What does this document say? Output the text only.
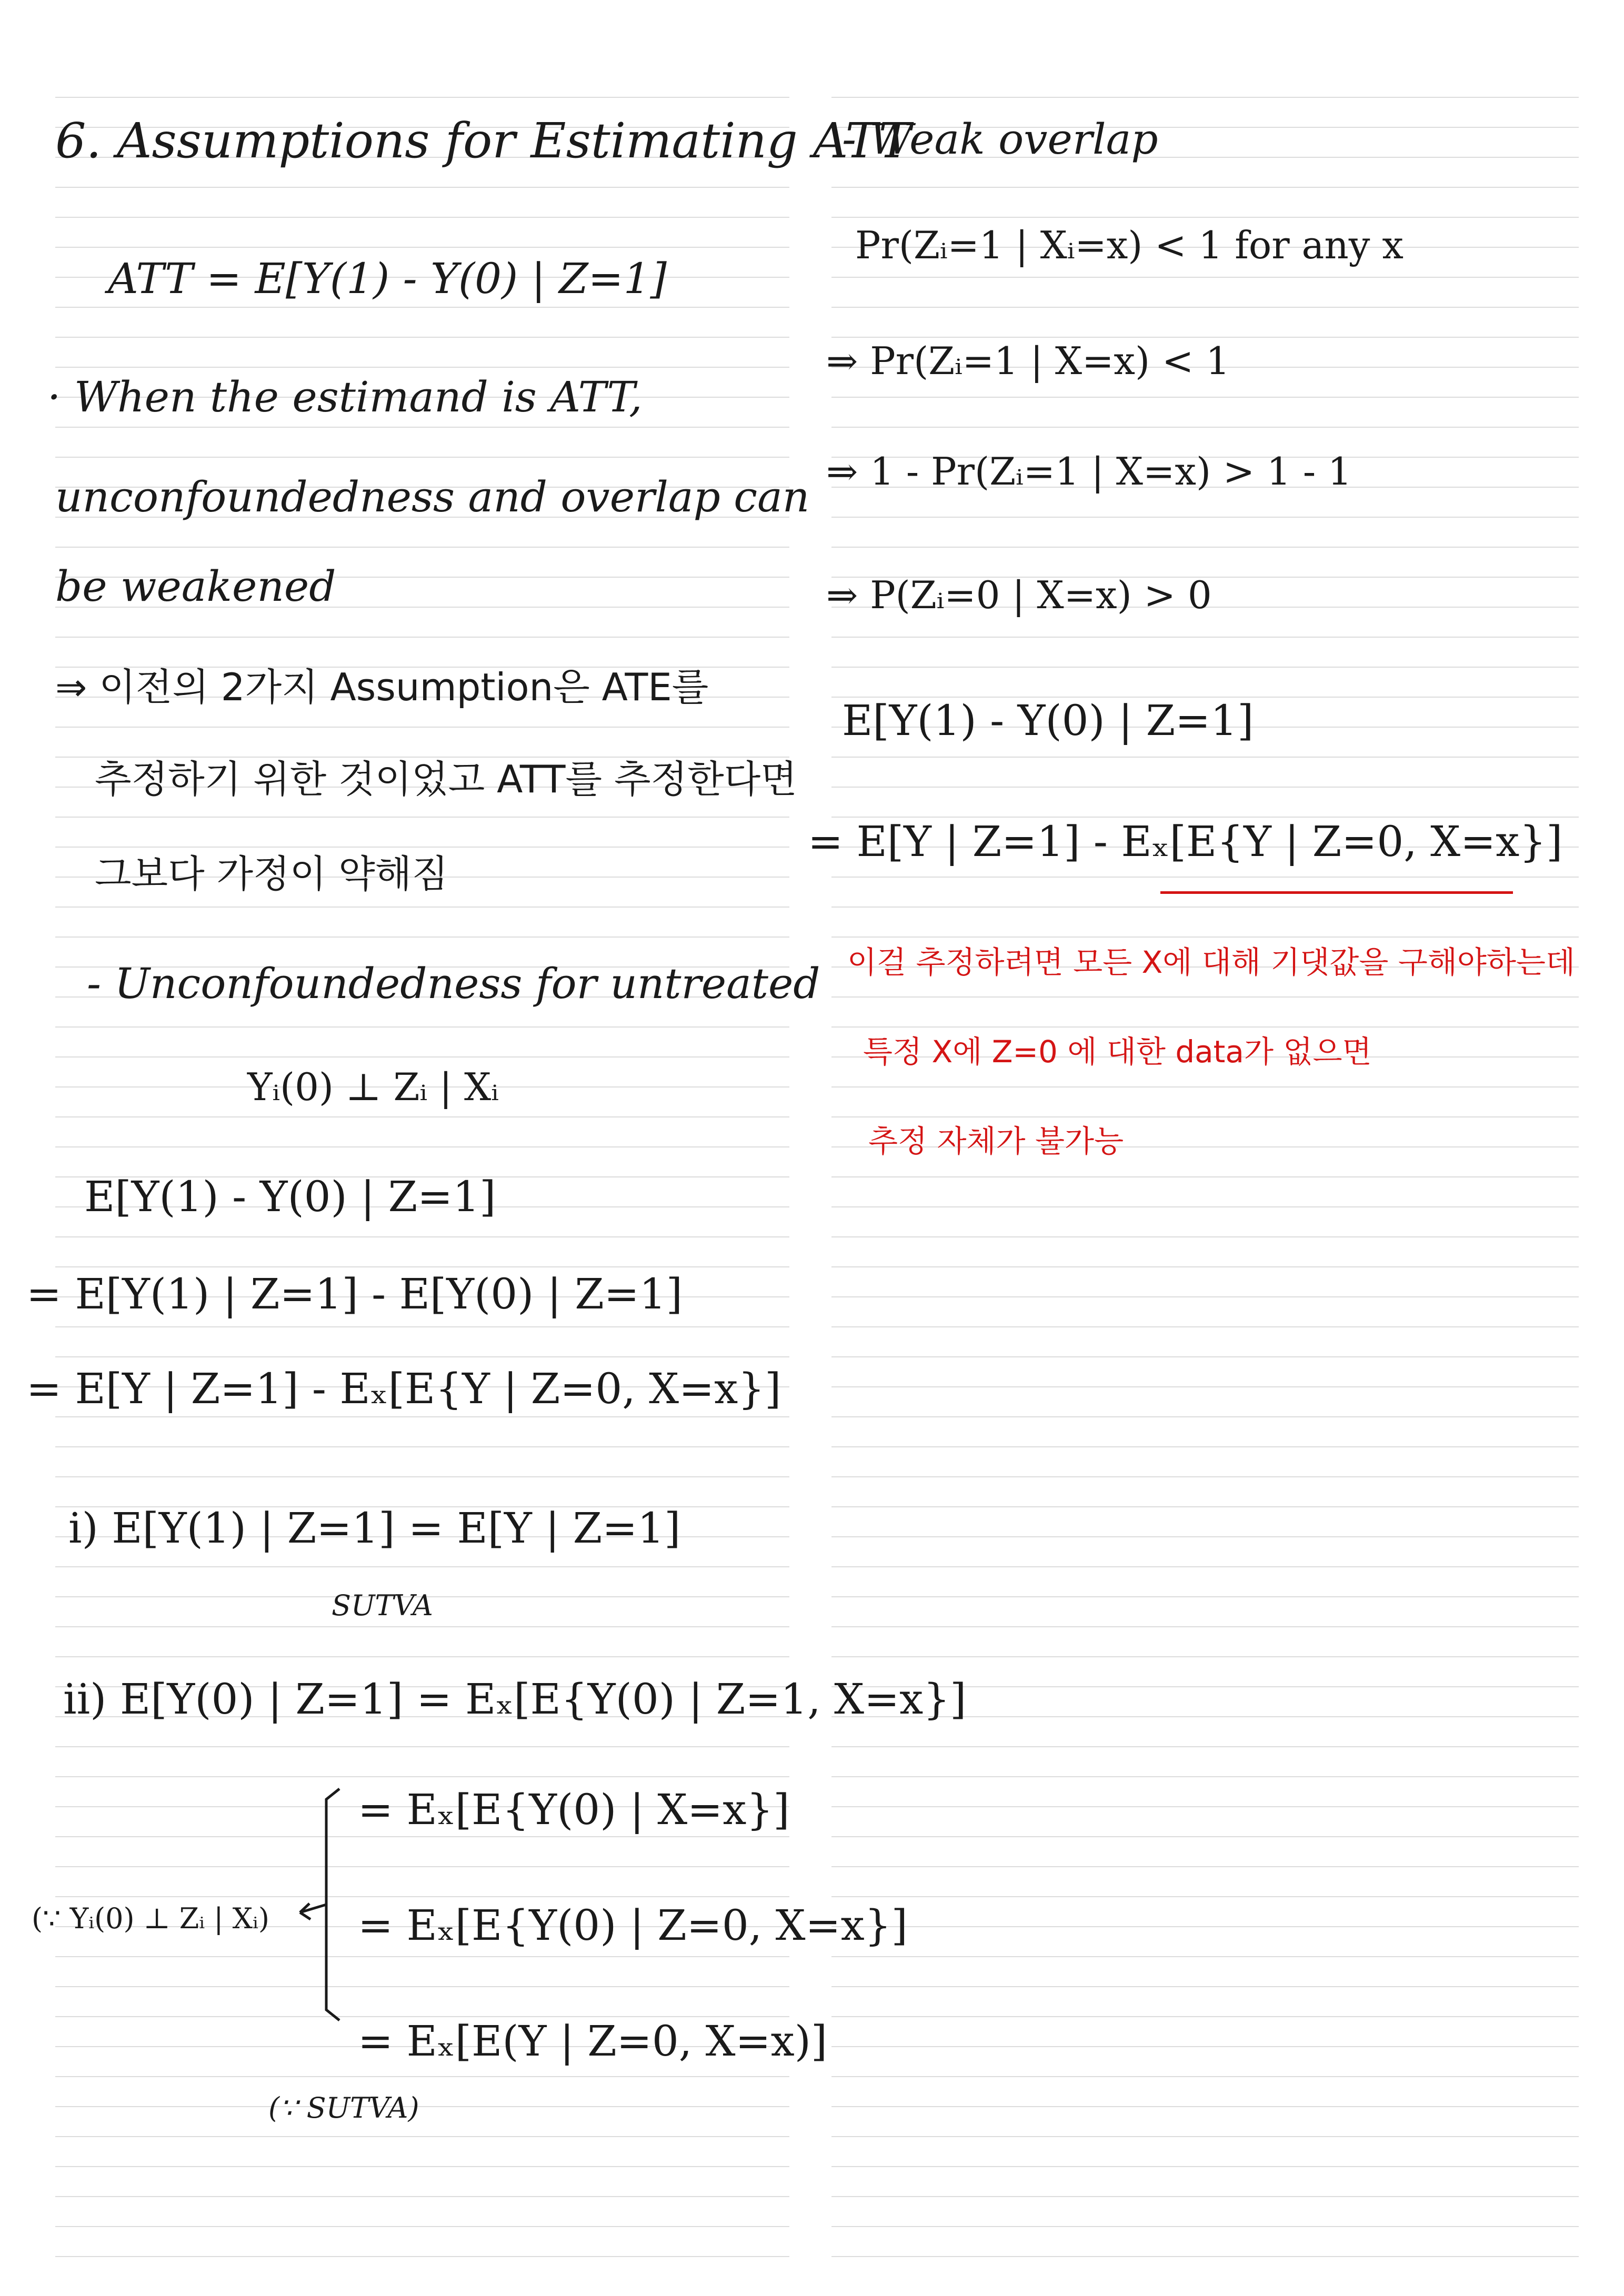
6. Assumptions for Estimating ATT
ATT = E[Y(1) - Y(0) | Z=1]
· When the estimand is ATT,
unconfoundedness and overlap can
be weakened
⇒ 이전의 2가지 Assumption은 ATE를
추정하기 위한 것이었고 ATT를 추정한다면
그보다 가정이 약해짐
- Unconfoundedness for untreated
Yᵢ(0) ⊥ Zᵢ | Xᵢ
E[Y(1) - Y(0) | Z=1]
= E[Y(1) | Z=1] - E[Y(0) | Z=1]
= E[Y | Z=1] - Eₓ[E{Y | Z=0, X=x}]
i) E[Y(1) | Z=1] = E[Y | Z=1]
SUTVA
ii) E[Y(0) | Z=1] = Eₓ[E{Y(0) | Z=1, X=x}]
= Eₓ[E{Y(0) | X=x}]
(∵ Yᵢ(0) ⊥ Zᵢ | Xᵢ) = Eₓ[E{Y(0) | Z=0, X=x}]
= Eₓ[E(Y | Z=0, X=x)]
(∵ SUTVA)
- Weak overlap
Pr(Zᵢ=1 | Xᵢ=x) < 1 for any x
⇒ Pr(Zᵢ=1 | X=x) < 1
⇒ 1 - Pr(Zᵢ=1 | X=x) > 1 - 1
⇒ P(Zᵢ=0 | X=x) > 0
E[Y(1) - Y(0) | Z=1]
= E[Y | Z=1] - Eₓ[E{Y | Z=0, X=x}]
이걸 추정하려면 모든 X에 대해 기댓값을 구해야하는데
특정 X에 Z=0 에 대한 data가 없으면
추정 자체가 불가능
